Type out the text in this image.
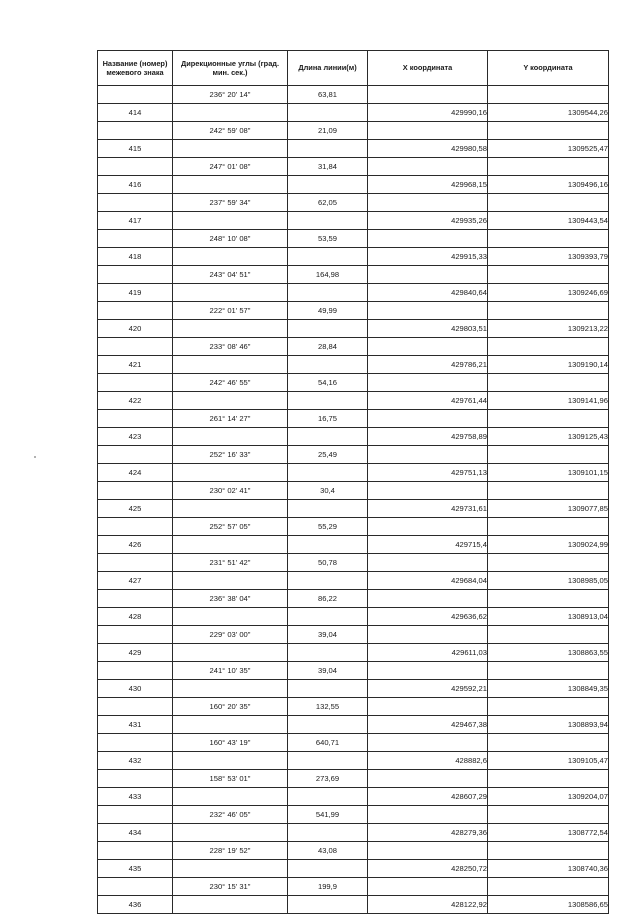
Название (номер) межевого знака	Дирекционные углы (град. мин. сек.)	Длина линии(м)	X координата	Y координата
	236° 20' 14"	63,81		
414			429990,16	1309544,26
	242° 59' 08"	21,09		
415			429980,58	1309525,47
	247° 01' 08"	31,84		
416			429968,15	1309496,16
	237° 59' 34"	62,05		
417			429935,26	1309443,54
	248° 10' 08"	53,59		
418			429915,33	1309393,79
	243° 04' 51"	164,98		
419			429840,64	1309246,69
	222° 01' 57"	49,99		
420			429803,51	1309213,22
	233° 08' 46"	28,84		
421			429786,21	1309190,14
	242° 46' 55"	54,16		
422			429761,44	1309141,96
	261° 14' 27"	16,75		
423			429758,89	1309125,43
	252° 16' 33"	25,49		
424			429751,13	1309101,15
	230° 02' 41"	30,4		
425			429731,61	1309077,85
	252° 57' 05"	55,29		
426			429715,4	1309024,99
	231° 51' 42"	50,78		
427			429684,04	1308985,05
	236° 38' 04"	86,22		
428			429636,62	1308913,04
	229° 03' 00"	39,04		
429			429611,03	1308863,55
	241° 10' 35"	39,04		
430			429592,21	1308849,35
	160° 20' 35"	132,55		
431			429467,38	1308893,94
	160° 43' 19"	640,71		
432			428882,6	1309105,47
	158° 53' 01"	273,69		
433			428607,29	1309204,07
	232° 46' 05"	541,99		
434			428279,36	1308772,54
	228° 19' 52"	43,08		
435			428250,72	1308740,36
	230° 15' 31"	199,9		
436			428122,92	1308586,65
